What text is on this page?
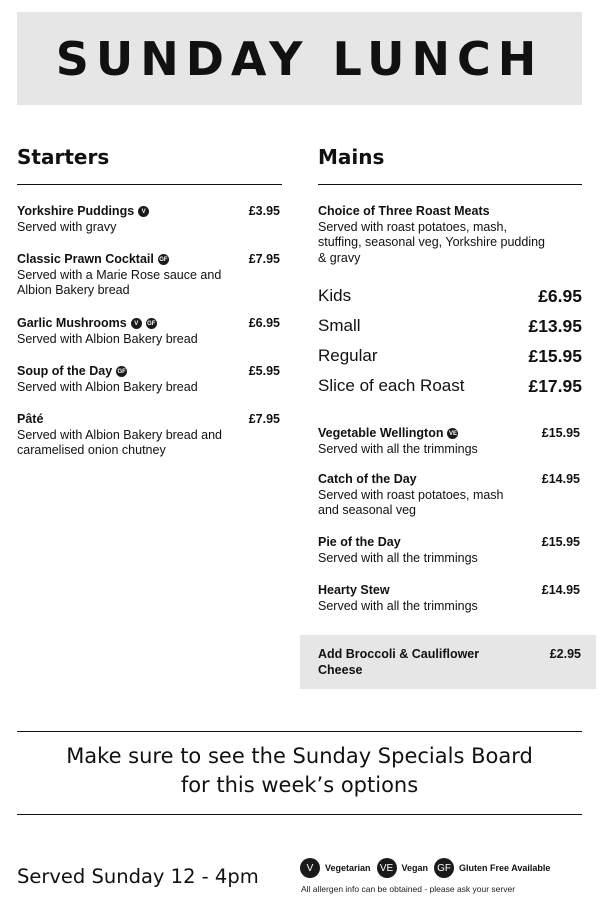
SUNDAY LUNCH
Starters
Yorkshire Puddings	V
Served with gravy
£3.95
Classic Prawn Cocktail GF
Served with a Marie Rose sauce and Albion Bakery bread
£7.95
Garlic Mushrooms	V	GF
Served with Albion Bakery bread
£6.95
Soup of the Day GF
Served with Albion Bakery bread
£5.95
Pâté
Served with Albion Bakery bread and caramelised onion chutney
£7.95
Mains
Choice of Three Roast Meats
Served with roast potatoes, mash, stuffing, seasonal veg, Yorkshire pudding & gravy
Kids	£6.95
Small	£13.95
Regular	£15.95
Slice of each Roast	£17.95
Vegetable Wellington VE
Served with all the trimmings
£15.95
Catch of the Day
Served with roast potatoes, mash and seasonal veg
£14.95
Pie of the Day
Served with all the trimmings
£15.95
Hearty Stew
Served with all the trimmings
£14.95
Add Broccoli & Cauliflower Cheese
£2.95
Make sure to see the Sunday Specials Board
for this week’s options
Served Sunday 12 - 4pm	V	Vegetarian VE Vegan GF Gluten Free Available
All allergen info can be obtained - please ask your server
